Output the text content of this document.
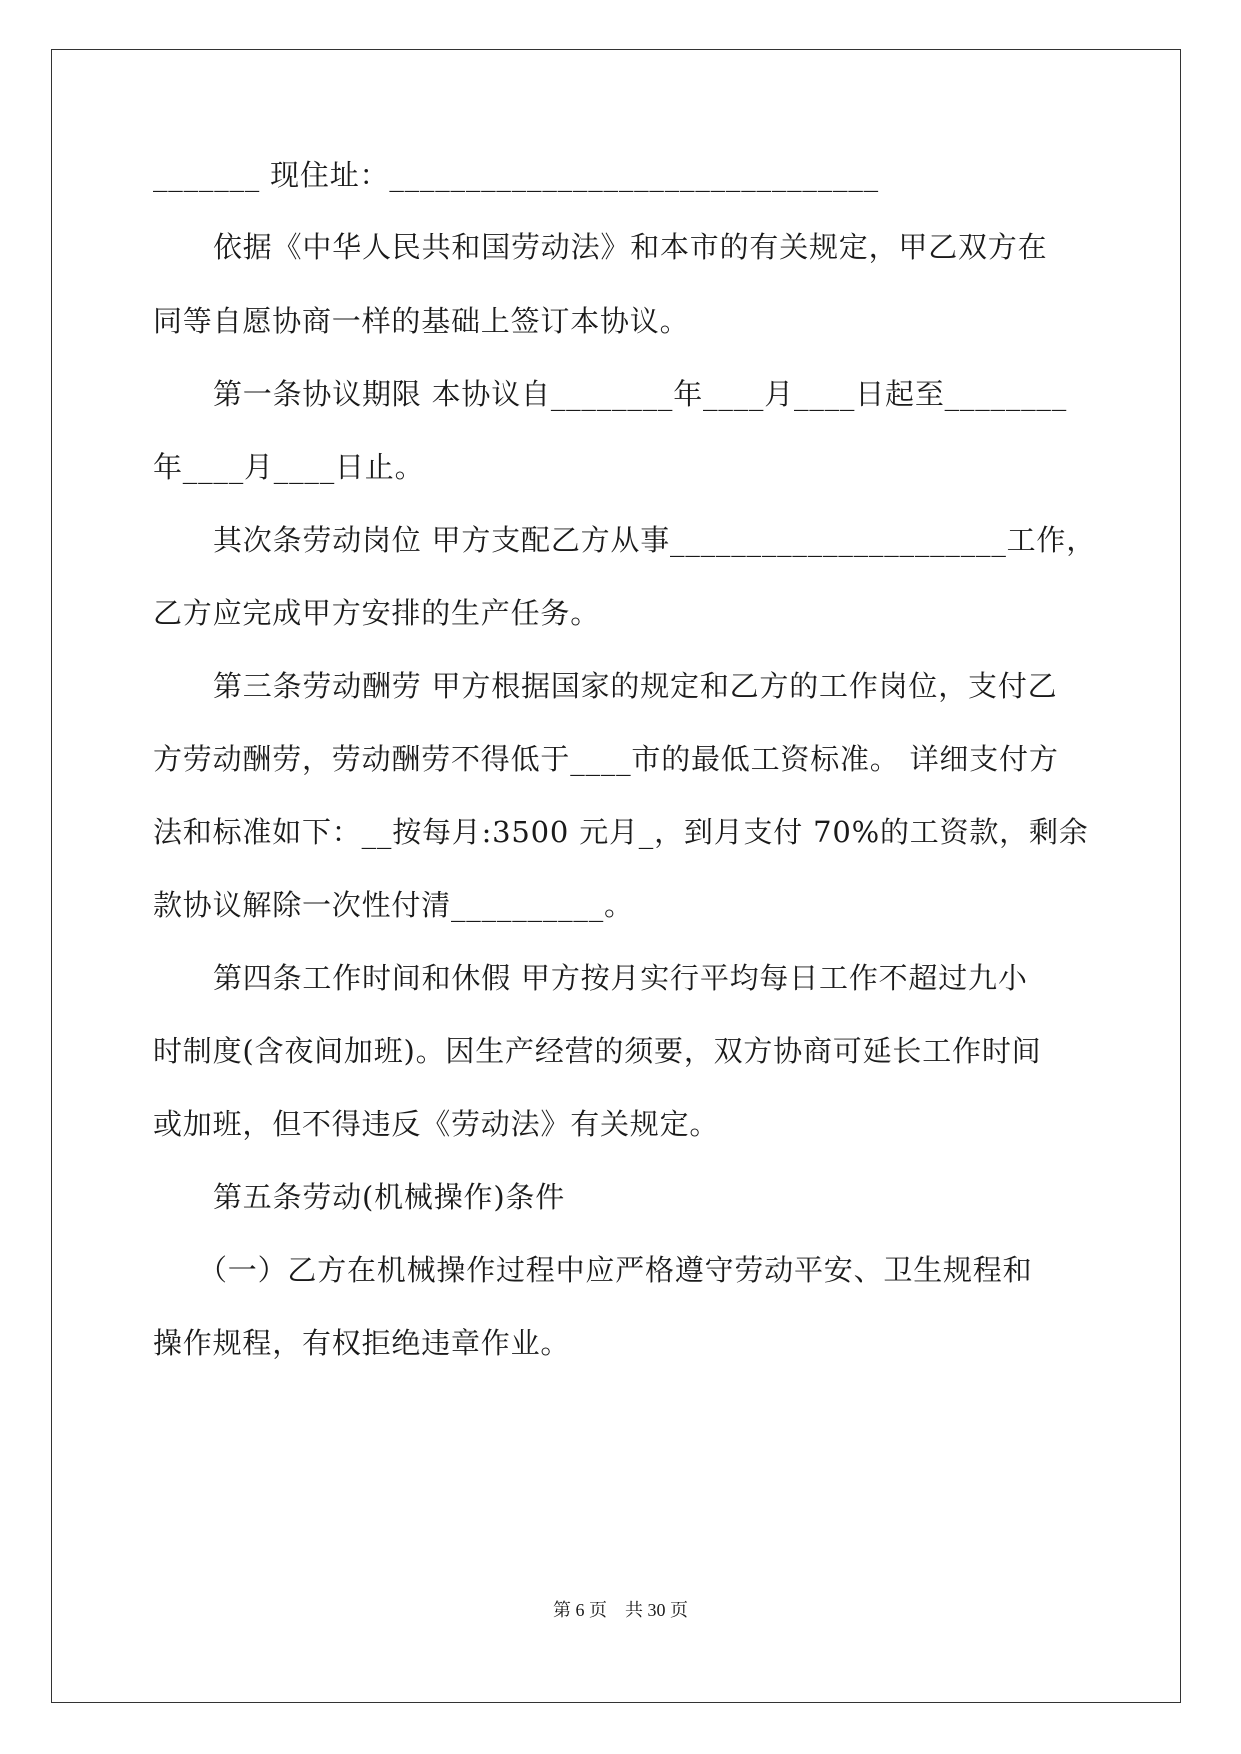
_______ 现住址：________________________________
依据《中华人民共和国劳动法》和本市的有关规定，甲乙双方在
同等自愿协商一样的基础上签订本协议。
第一条协议期限 本协议自________年____月____日起至________
年____月____日止。
其次条劳动岗位 甲方支配乙方从事______________________工作，
乙方应完成甲方安排的生产任务。
第三条劳动酬劳 甲方根据国家的规定和乙方的工作岗位，支付乙
方劳动酬劳，劳动酬劳不得低于____市的最低工资标准。 详细支付方
法和标准如下：__按每月:3500 元月_，到月支付 70%的工资款，剩余
款协议解除一次性付清__________。
第四条工作时间和休假 甲方按月实行平均每日工作不超过九小
时制度(含夜间加班)。因生产经营的须要，双方协商可延长工作时间
或加班，但不得违反《劳动法》有关规定。
第五条劳动(机械操作)条件
（一）乙方在机械操作过程中应严格遵守劳动平安、卫生规程和
操作规程，有权拒绝违章作业。
第 6 页    共 30 页
